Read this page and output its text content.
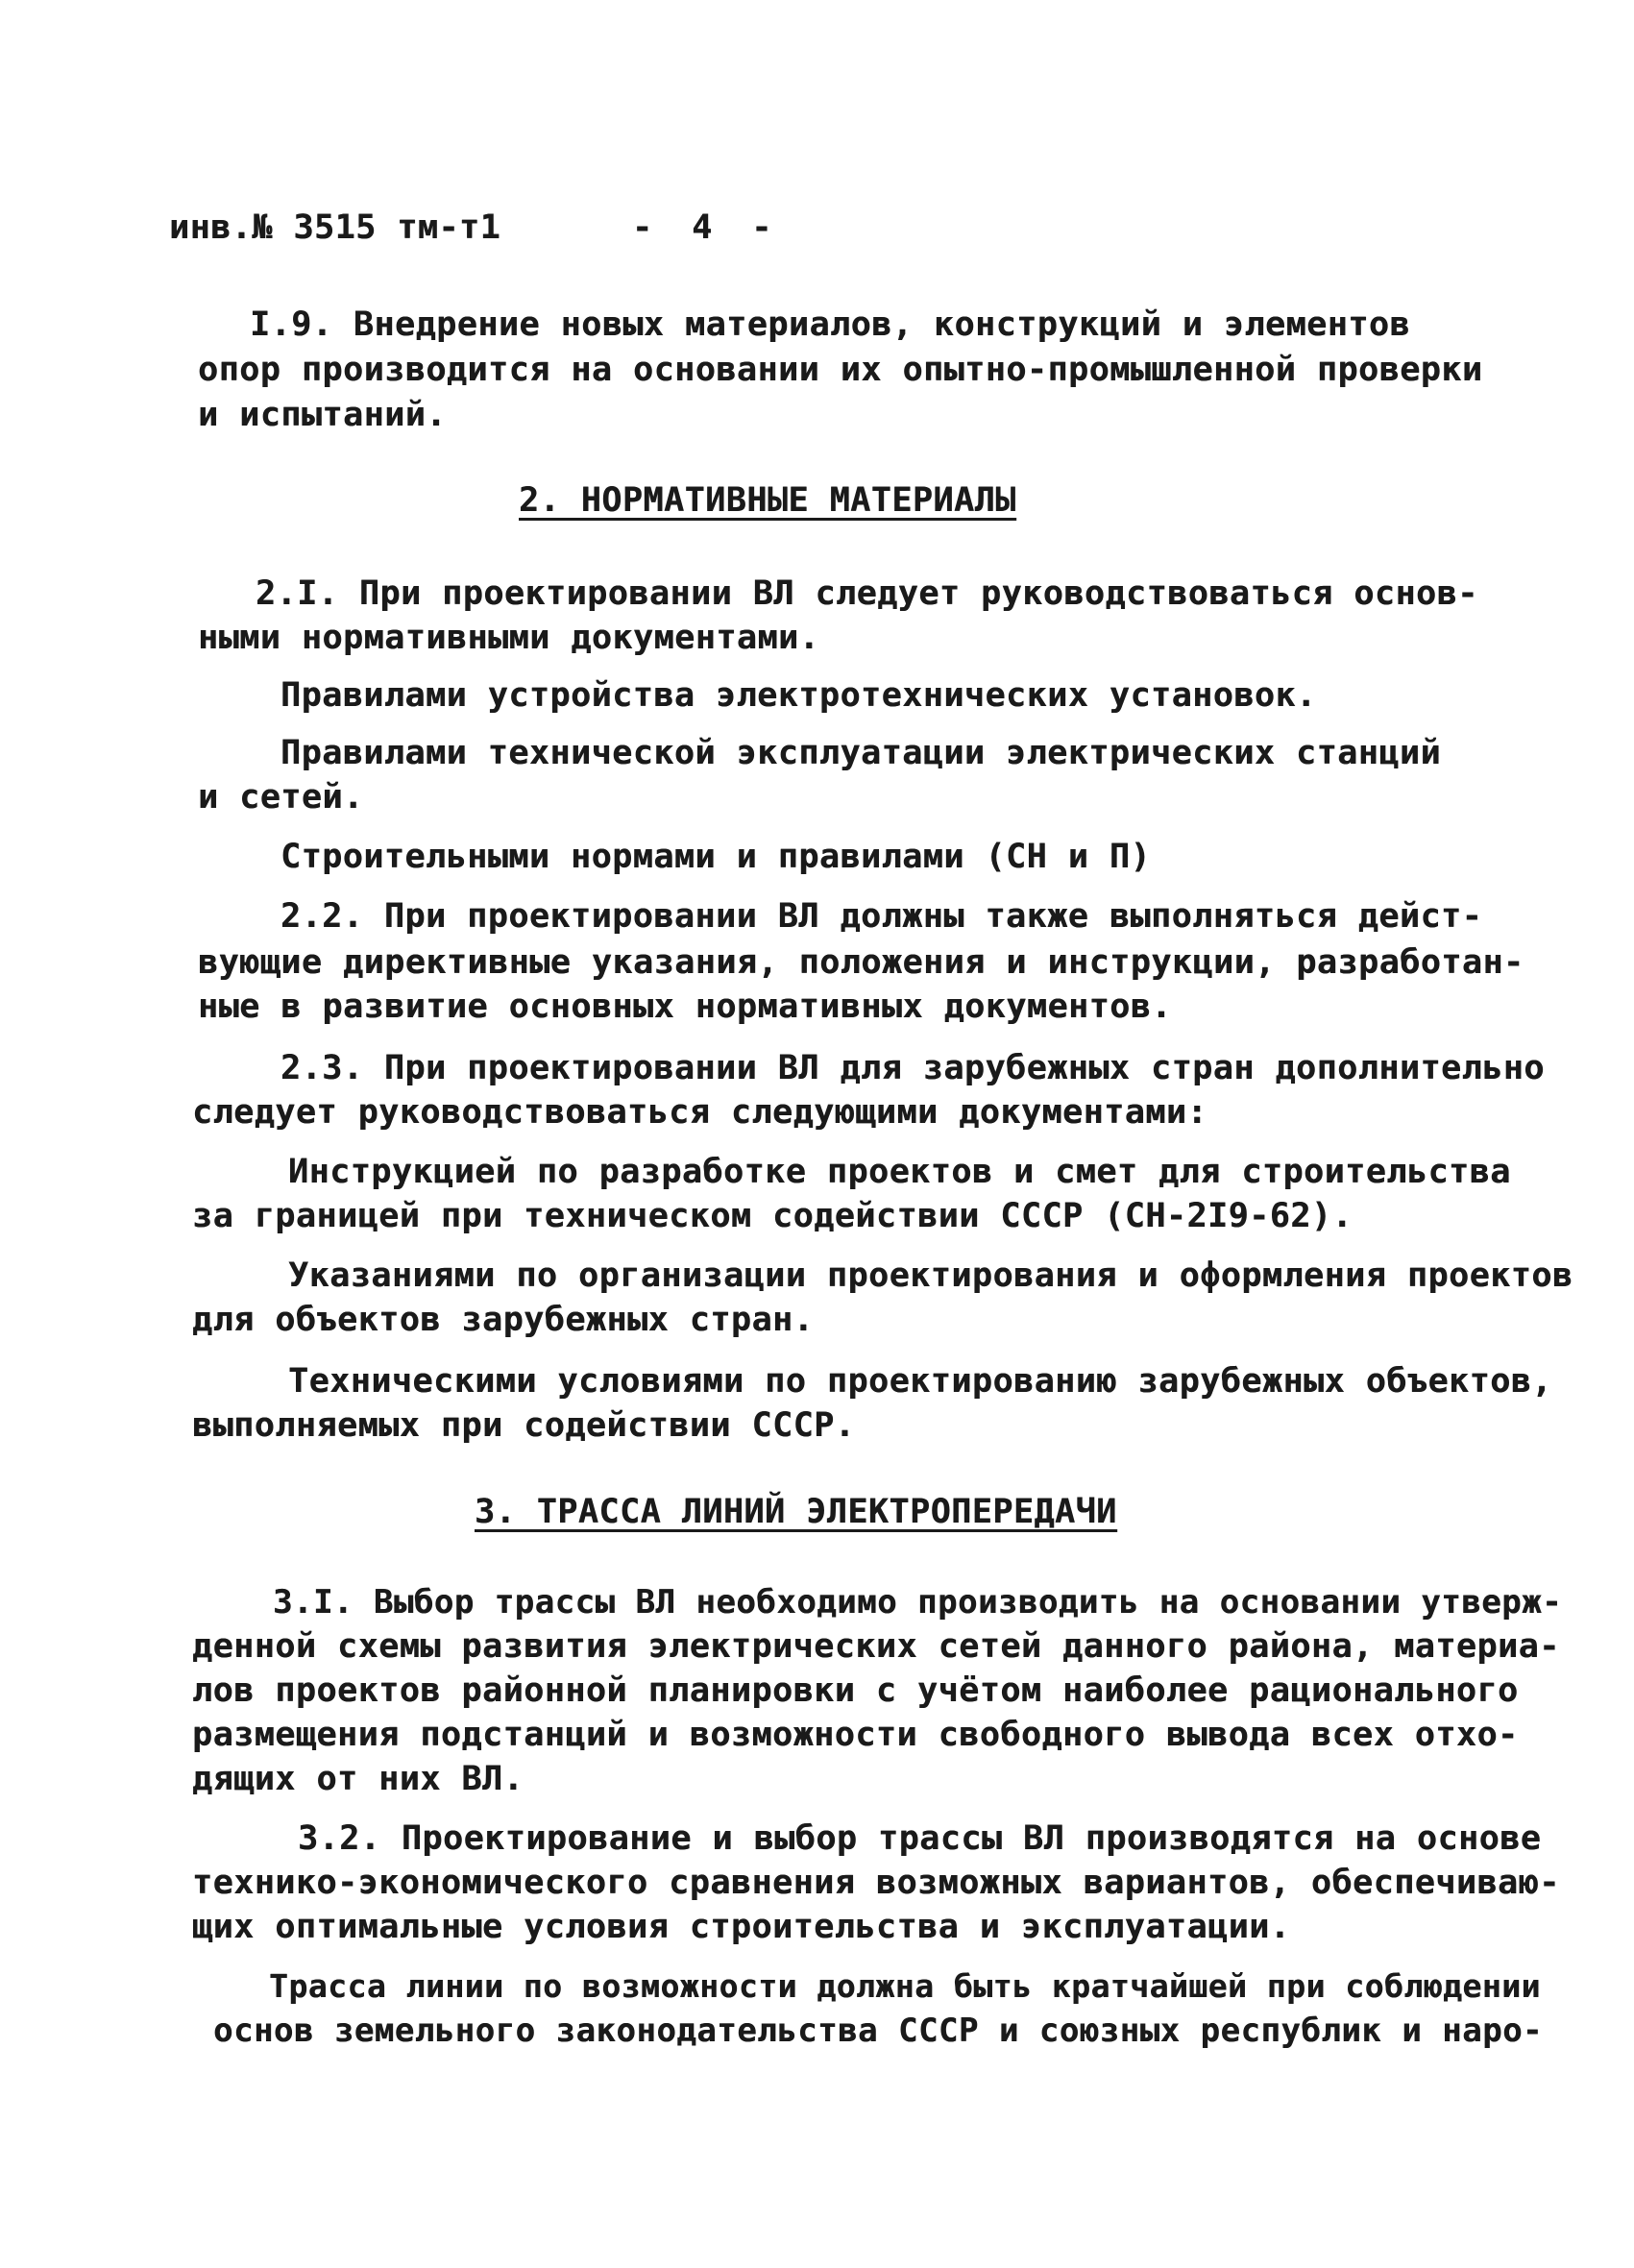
инв.№ 3515 тм-т1	- 4 -
I.9. Внедрение новых материалов, конструкций и элементов
опор производится на основании их опытно-промышленной проверки
и испытаний.
2. НОРМАТИВНЫЕ МАТЕРИАЛЫ
2.I. При проектировании ВЛ следует руководствоваться основ-
ными нормативными документами.
Правилами устройства электротехнических установок.
Правилами технической эксплуатации электрических станций
и сетей.
Строительными нормами и правилами (СН и П)
2.2. При проектировании ВЛ должны также выполняться дейст-
вующие директивные указания, положения и инструкции, разработан-
ные в развитие основных нормативных документов.
2.3. При проектировании ВЛ для зарубежных стран дополнительно
следует руководствоваться следующими документами:
Инструкцией по разработке проектов и смет для строительства
за границей при техническом содействии СССР (СН-2I9-62).
Указаниями по организации проектирования и оформления проектов
для объектов зарубежных стран.
Техническими условиями по проектированию зарубежных объектов,
выполняемых при содействии СССР.
3. ТРАССА ЛИНИЙ ЭЛЕКТРОПЕРЕДАЧИ
3.I. Выбор трассы ВЛ необходимо производить на основании утверж-
денной схемы развития электрических сетей данного района, материа-
лов проектов районной планировки с учётом наиболее рационального
размещения подстанций и возможности свободного вывода всех отхо-
дящих от них ВЛ.
3.2. Проектирование и выбор трассы ВЛ производятся на основе
технико-экономического сравнения возможных вариантов, обеспечиваю-
щих оптимальные условия строительства и эксплуатации.
Трасса линии по возможности должна быть кратчайшей при соблюдении
основ земельного законодательства СССР и союзных республик и наро-
